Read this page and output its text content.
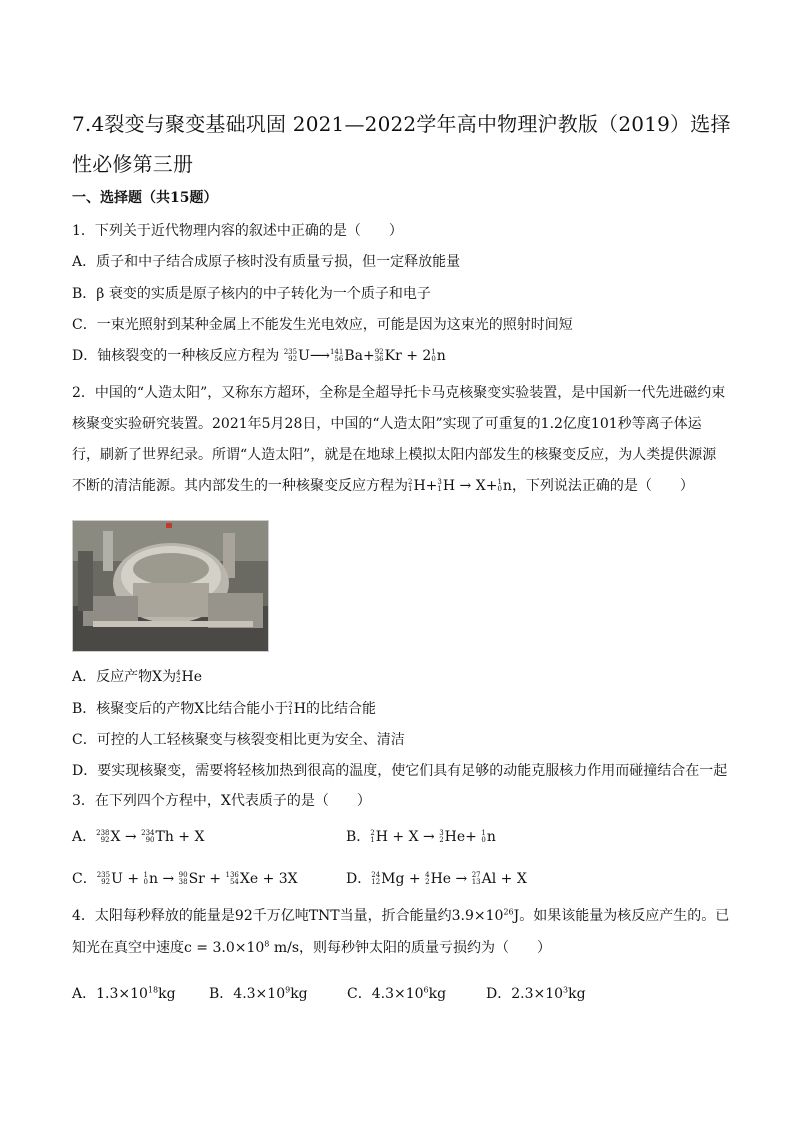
7.4裂变与聚变基础巩固 2021—2022学年高中物理沪教版（2019）选择性必修第三册
一、选择题（共15题）
1．下列关于近代物理内容的叙述中正确的是（　　）
A．质子和中子结合成原子核时没有质量亏损，但一定释放能量
B．β 衰变的实质是原子核内的中子转化为一个质子和电子
C．一束光照射到某种金属上不能发生光电效应，可能是因为这束光的照射时间短
D．铀核裂变的一种核反应方程为 235
92 U⟶ 141
56 Ba+ 92
36 Kr + 2 1
0 n
2．中国的“人造太阳”，又称东方超环，全称是全超导托卡马克核聚变实验装置，是中国新一代先进磁约束核聚变实验研究装置。2021年5月28日，中国的“人造太阳”实现了可重复的1.2亿度101秒等离子体运行，刷新了世界纪录。所谓“人造太阳”，就是在地球上模拟太阳内部发生的核聚变反应，为人类提供源源不断的清洁能源。其内部发生的一种核聚变反应方程为 2
1 H+ 3
1 H → X+ 1
0 n，下列说法正确的是（　　）
A．反应产物X为 4
2 He
B．核聚变后的产物X比结合能小于 2
1 H的比结合能
C．可控的人工轻核聚变与核裂变相比更为安全、清洁
D．要实现核聚变，需要将轻核加热到很高的温度，使它们具有足够的动能克服核力作用而碰撞结合在一起
3．在下列四个方程中，X代表质子的是（　　）
A． 238
92 X → 234
90 Th + X	B． 2
1 H + X → 3
2 He+ 1
0 n
C． 235
92 U + 1
0 n → 90
38 Sr + 136
54 Xe + 3X	D． 24
12 Mg + 4
2 He → 27
13 Al + X
4．太阳每秒释放的能量是92千万亿吨TNT当量，折合能量约$3.9\times 10^{26}J$。如果该能量为核反应产生的。已
知光在真空中速度$c = 3.0\times 10^8$ m/s，则每秒钟太阳的质量亏损约为（　　）
A．$1.3\times 10^{18}kg$ B．$4.3\times 10^9kg$	C．$4.3\times 10^6kg$	D．$2.3\times 10^3kg$
